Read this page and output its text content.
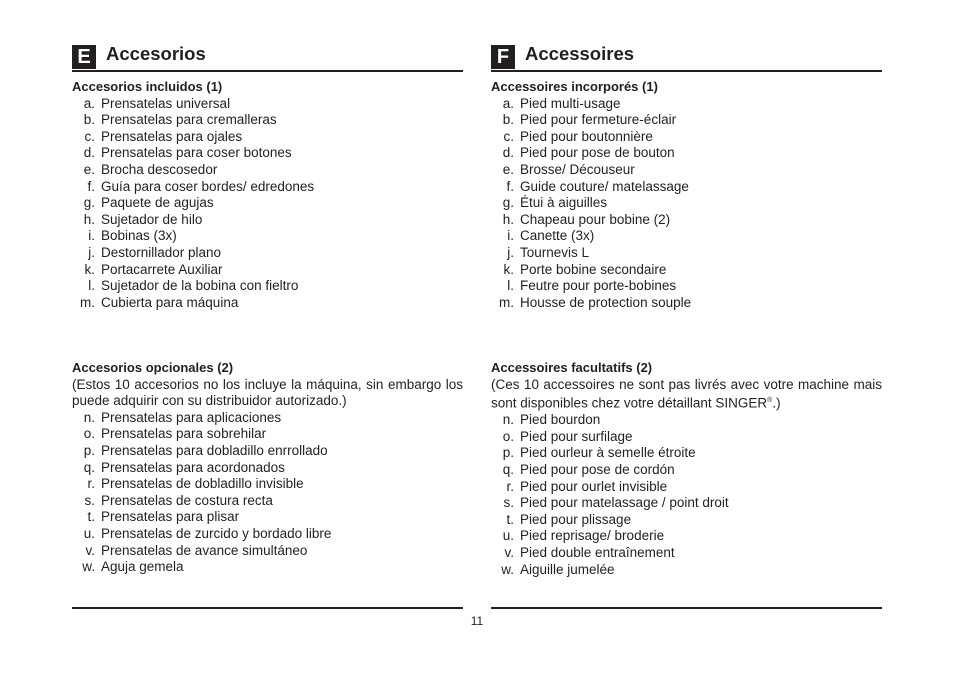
E Accesorios
Accesorios incluidos (1)
a. Prensatelas universal
b. Prensatelas para cremalleras
c. Prensatelas para ojales
d. Prensatelas para coser botones
e. Brocha descosedor
f. Guía para coser bordes/ edredones
g. Paquete de agujas
h. Sujetador de hilo
i. Bobinas (3x)
j. Destornillador plano
k. Portacarrete Auxiliar
l. Sujetador de la bobina con fieltro
m. Cubierta para máquina
Accesorios opcionales (2)
(Estos 10 accesorios no los incluye la máquina, sin embargo los puede adquirir con su distribuidor autorizado.)
n. Prensatelas para aplicaciones
o. Prensatelas para sobrehilar
p. Prensatelas para dobladillo enrrollado
q. Prensatelas para acordonados
r. Prensatelas de dobladillo invisible
s. Prensatelas de costura recta
t. Prensatelas para plisar
u. Prensatelas de zurcido y bordado libre
v. Prensatelas de avance simultáneo
w. Aguja gemela
F Accessoires
Accessoires incorporés (1)
a. Pied multi-usage
b. Pied pour fermeture-éclair
c. Pied pour boutonnière
d. Pied pour pose de bouton
e. Brosse/ Découseur
f. Guide couture/ matelassage
g. Étui à aiguilles
h. Chapeau pour bobine (2)
i. Canette (3x)
j. Tournevis L
k. Porte bobine secondaire
l. Feutre pour porte-bobines
m. Housse de protection souple
Accessoires facultatifs (2)
(Ces 10 accessoires ne sont pas livrés avec votre machine mais sont disponibles chez votre détaillant SINGER®.)
n. Pied bourdon
o. Pied pour surfilage
p. Pied ourleur à semelle étroite
q. Pied pour pose de cordón
r. Pied pour ourlet invisible
s. Pied pour matelassage / point droit
t. Pied pour plissage
u. Pied reprisage/ broderie
v. Pied double entraînement
w. Aiguille jumelée
11
